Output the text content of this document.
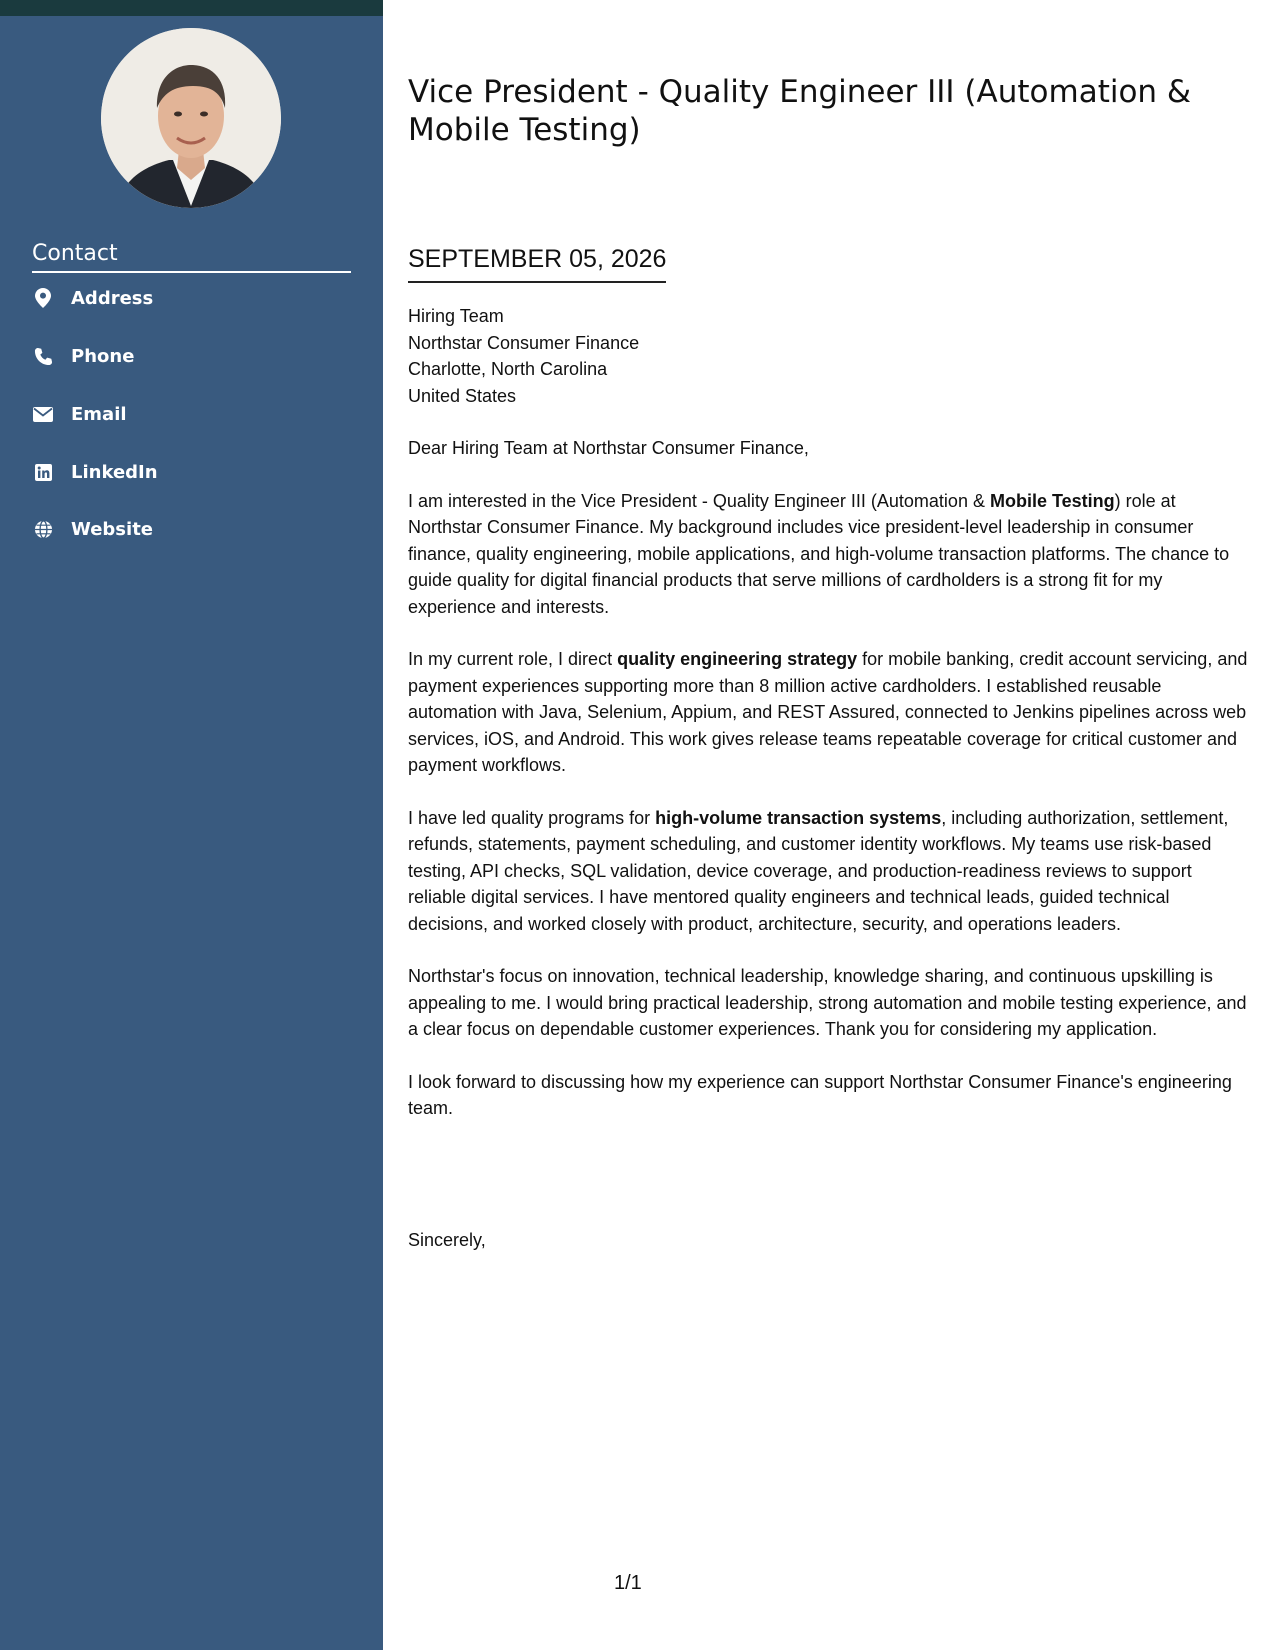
Contact
Address
Phone
Email
LinkedIn
Website
Vice President - Quality Engineer III (Automation & Mobile Testing)
SEPTEMBER 05, 2026
Hiring Team
Northstar Consumer Finance
Charlotte, North Carolina
United States
Dear Hiring Team at Northstar Consumer Finance,

I am interested in the Vice President - Quality Engineer III (Automation & Mobile Testing) role at Northstar Consumer Finance. My background includes vice president-level leadership in consumer finance, quality engineering, mobile applications, and high-volume transaction platforms. The chance to guide quality for digital financial products that serve millions of cardholders is a strong fit for my experience and interests.

In my current role, I direct quality engineering strategy for mobile banking, credit account servicing, and payment experiences supporting more than 8 million active cardholders. I established reusable automation with Java, Selenium, Appium, and REST Assured, connected to Jenkins pipelines across web services, iOS, and Android. This work gives release teams repeatable coverage for critical customer and payment workflows.

I have led quality programs for high-volume transaction systems, including authorization, settlement, refunds, statements, payment scheduling, and customer identity workflows. My teams use risk-based testing, API checks, SQL validation, device coverage, and production-readiness reviews to support reliable digital services. I have mentored quality engineers and technical leads, guided technical decisions, and worked closely with product, architecture, security, and operations leaders.

Northstar's focus on innovation, technical leadership, knowledge sharing, and continuous upskilling is appealing to me. I would bring practical leadership, strong automation and mobile testing experience, and a clear focus on dependable customer experiences. Thank you for considering my application.

I look forward to discussing how my experience can support Northstar Consumer Finance's engineering team.

Sincerely,
1/1
